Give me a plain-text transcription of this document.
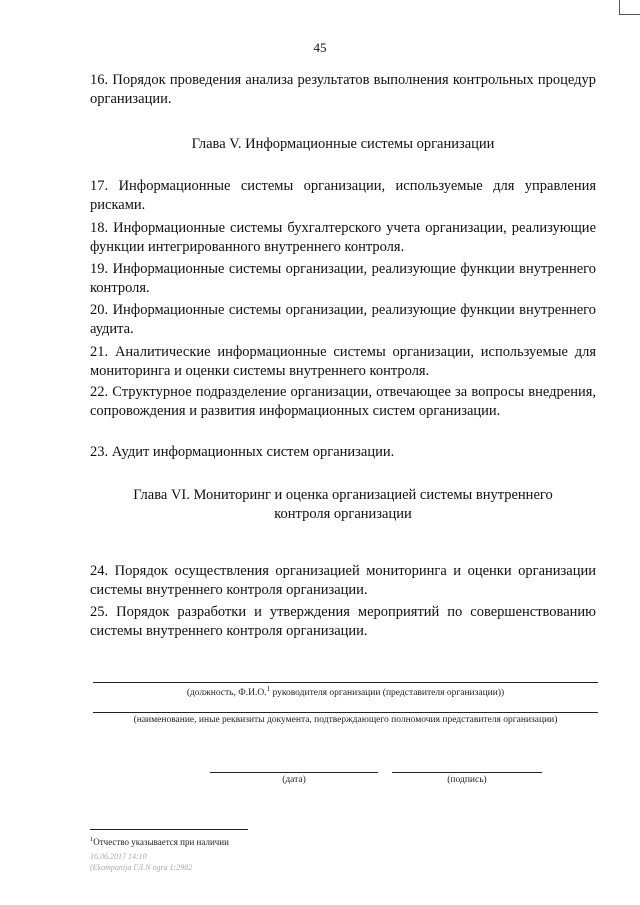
45
16. Порядок проведения анализа результатов выполнения контрольных процедур организации.
Глава V. Информационные системы организации
17. Информационные системы организации, используемые для управления рисками.
18. Информационные системы бухгалтерского учета организации, реализующие функции интегрированного внутреннего контроля.
19. Информационные системы организации, реализующие функции внутреннего контроля.
20. Информационные системы организации, реализующие функции внутреннего аудита.
21. Аналитические информационные системы организации, используемые для мониторинга и оценки системы внутреннего контроля.
22. Структурное подразделение организации, отвечающее за вопросы внедрения, сопровождения и развития информационных систем организации.
23. Аудит информационных систем организации.
Глава VI. Мониторинг и оценка организацией системы внутреннего
контроля организации
24. Порядок осуществления организацией мониторинга и оценки организации системы внутреннего контроля организации.
25. Порядок разработки и утверждения мероприятий по совершенствованию системы внутреннего контроля организации.
(должность, Ф.И.О.$^1$ руководителя организации (представителя организации))
(наименование, иные реквизиты документа, подтверждающего полномочия представителя организации)
(дата)	(подпись)
$^1$Отчество указывается при наличии
16.06.2017 14:10
(Ekompanija ГЛ.N ogra 1:2982
